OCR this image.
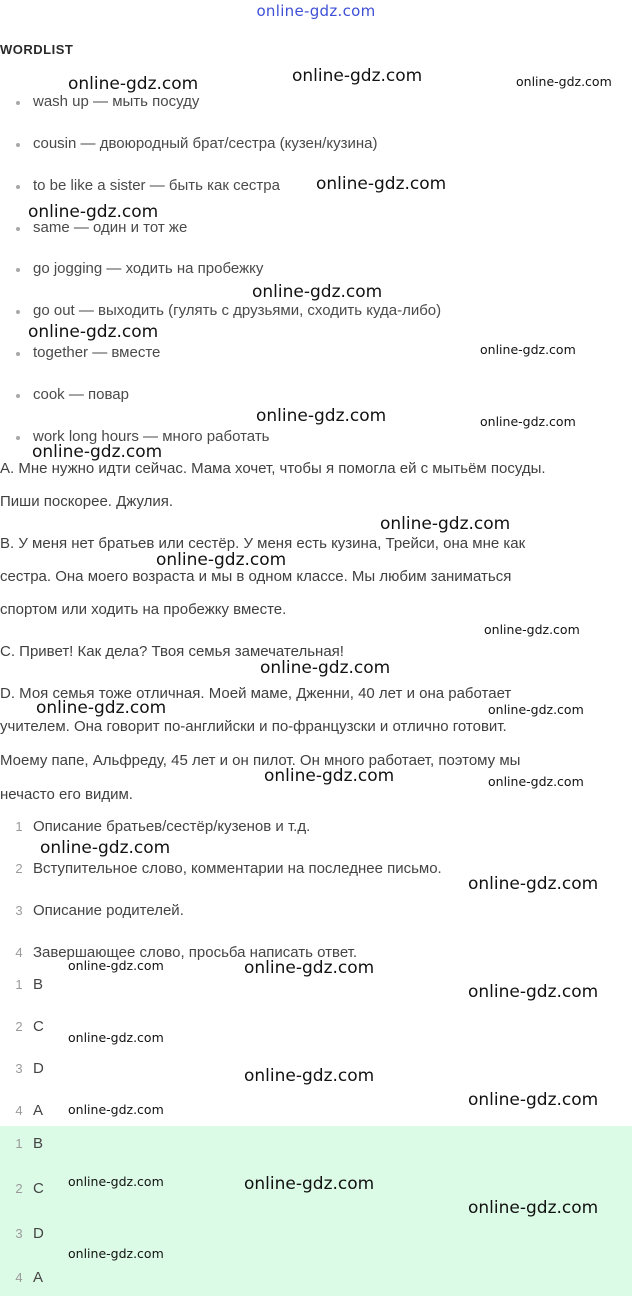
online-gdz.com
WORDLIST
wash up — мыть посуду
cousin — двоюродный брат/сестра (кузен/кузина)
to be like a sister — быть как сестра
same — один и тот же
go jogging — ходить на пробежку
go out — выходить (гулять с друзьями, сходить куда-либо)
together — вместе
cook — повар
work long hours — много работать
A. Мне нужно идти сейчас. Мама хочет, чтобы я помогла ей с мытьём посуды.
Пиши поскорее. Джулия.
B. У меня нет братьев или сестёр. У меня есть кузина, Трейси, она мне как
сестра. Она моего возраста и мы в одном классе. Мы любим заниматься
спортом или ходить на пробежку вместе.
C. Привет! Как дела? Твоя семья замечательная!
D. Моя семья тоже отличная. Моей маме, Дженни, 40 лет и она работает
учителем. Она говорит по-английски и по-французски и отлично готовит.
Моему папе, Альфреду, 45 лет и он пилот. Он много работает, поэтому мы
нечасто его видим.
1 Описание братьев/сестёр/кузенов и т.д.
2 Вступительное слово, комментарии на последнее письмо.
3 Описание родителей.
4 Завершающее слово, просьба написать ответ.
1 B
2 C
3 D
4 A
1 B
2 C
3 D
4 A
online-gdz.com	online-gdz.com	online-gdz.com
online-gdz.com
online-gdz.com
online-gdz.com
online-gdz.com
online-gdz.com
online-gdz.com	online-gdz.com
online-gdz.com
online-gdz.com
online-gdz.com
online-gdz.com
online-gdz.com
online-gdz.com	online-gdz.com
online-gdz.com	online-gdz.com
online-gdz.com
online-gdz.com
online-gdz.com	online-gdz.com
online-gdz.com
online-gdz.com
online-gdz.com
online-gdz.com
online-gdz.com
online-gdz.com	online-gdz.com
online-gdz.com
online-gdz.com
